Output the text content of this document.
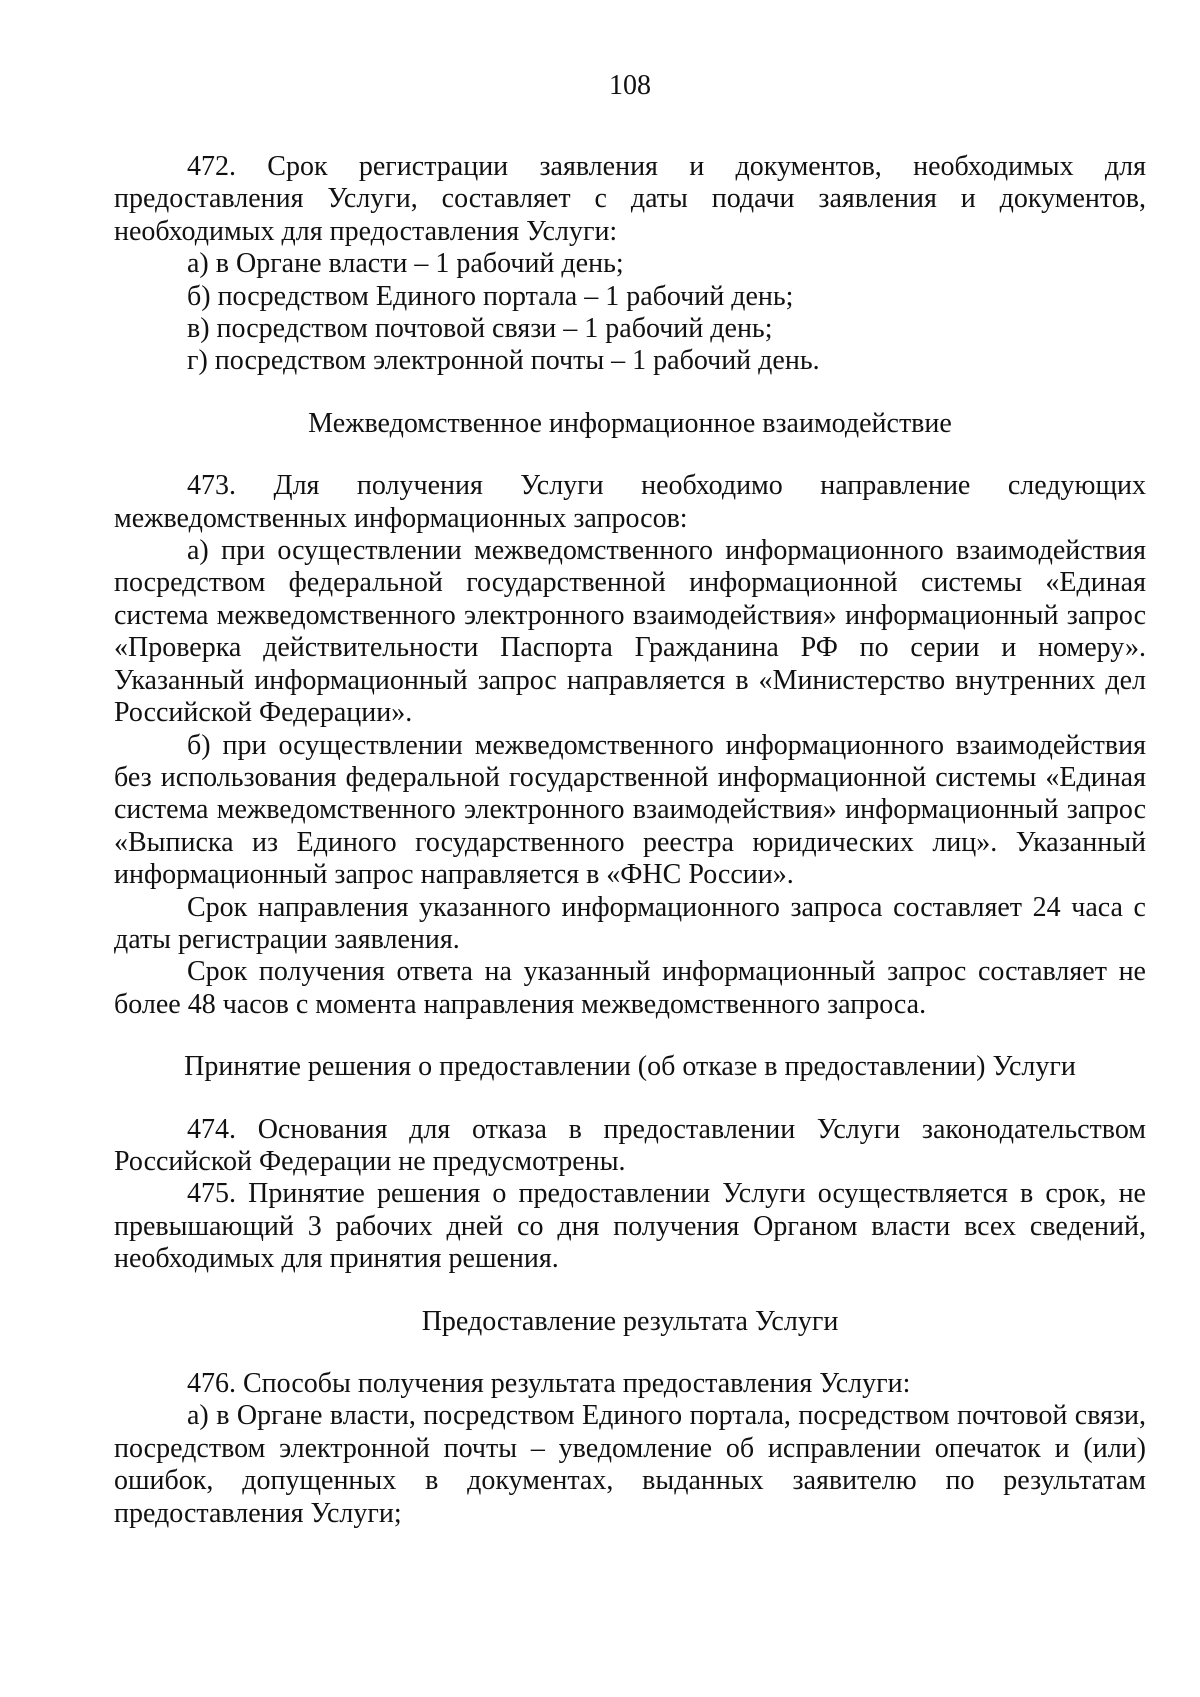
108

472. Срок регистрации заявления и документов, необходимых для предоставления Услуги, составляет с даты подачи заявления и документов, необходимых для предоставления Услуги:

а) в Органе власти – 1 рабочий день;

б) посредством Единого портала – 1 рабочий день;

в) посредством почтовой связи – 1 рабочий день;

г) посредством электронной почты – 1 рабочий день.

Межведомственное информационное взаимодействие

473. Для получения Услуги необходимо направление следующих межведомственных информационных запросов:

а) при осуществлении межведомственного информационного взаимодействия посредством федеральной государственной информационной системы «Единая система межведомственного электронного взаимодействия» информационный запрос «Проверка действительности Паспорта Гражданина РФ по серии и номеру». Указанный информационный запрос направляется в «Министерство внутренних дел Российской Федерации».

б) при осуществлении межведомственного информационного взаимодействия без использования федеральной государственной информационной системы «Единая система межведомственного электронного взаимодействия» информационный запрос «Выписка из Единого государственного реестра юридических лиц». Указанный информационный запрос направляется в «ФНС России».

Срок направления указанного информационного запроса составляет 24 часа с даты регистрации заявления.

Срок получения ответа на указанный информационный запрос составляет не более 48 часов с момента направления межведомственного запроса.

Принятие решения о предоставлении (об отказе в предоставлении) Услуги

474. Основания для отказа в предоставлении Услуги законодательством Российской Федерации не предусмотрены.

475. Принятие решения о предоставлении Услуги осуществляется в срок, не превышающий 3 рабочих дней со дня получения Органом власти всех сведений, необходимых для принятия решения.

Предоставление результата Услуги

476. Способы получения результата предоставления Услуги:

а) в Органе власти, посредством Единого портала, посредством почтовой связи, посредством электронной почты – уведомление об исправлении опечаток и (или) ошибок, допущенных в документах, выданных заявителю по результатам предоставления Услуги;
